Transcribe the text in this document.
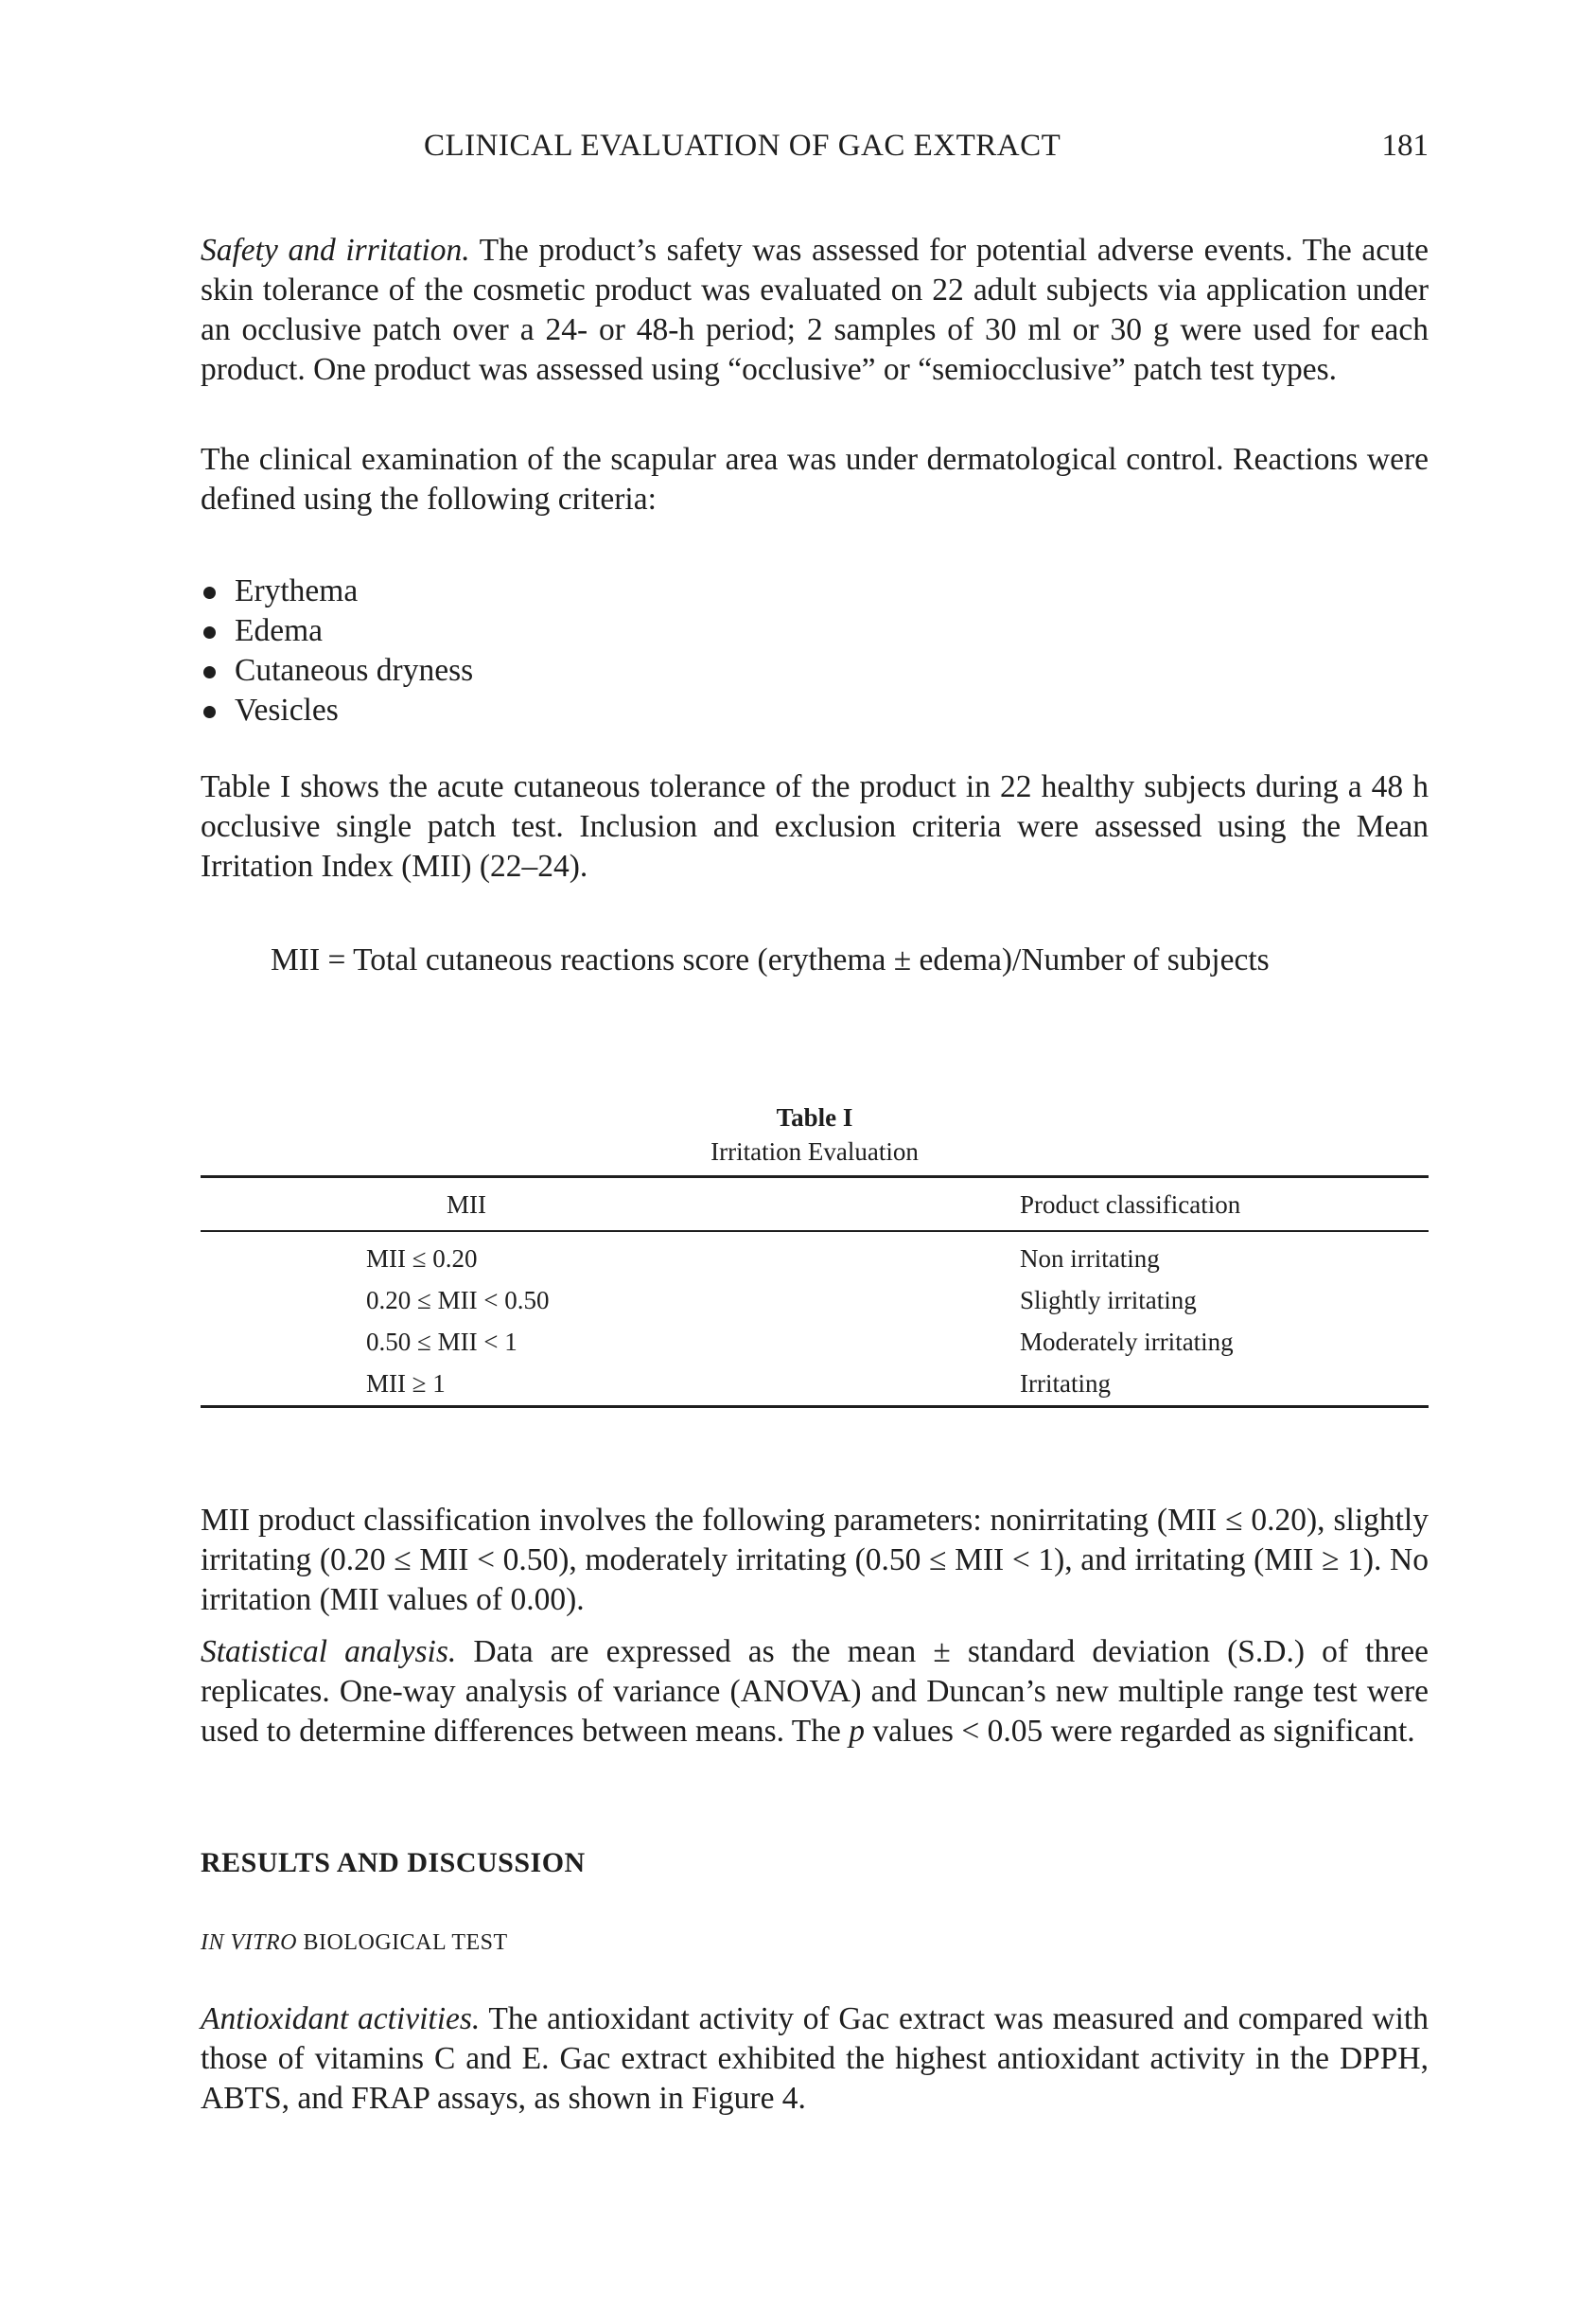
CLINICAL EVALUATION OF GAC EXTRACT	181

Safety and irritation. The product’s safety was assessed for potential adverse events. The acute skin tolerance of the cosmetic product was evaluated on 22 adult subjects via application under an occlusive patch over a 24- or 48-h period; 2 samples of 30 ml or 30 g were used for each product. One product was assessed using “occlusive” or “semiocclusive” patch test types.

The clinical examination of the scapular area was under dermatological control. Reactions were defined using the following criteria:

Erythema
Edema
Cutaneous dryness
Vesicles

Table I shows the acute cutaneous tolerance of the product in 22 healthy subjects during a 48 h occlusive single patch test. Inclusion and exclusion criteria were assessed using the Mean Irritation Index (MII) (22–24).

MII = Total cutaneous reactions score (erythema ± edema)/Number of subjects
Table I
Irritation Evaluation
MII	Product classification
MII ≤ 0.20	Non irritating
0.20 ≤ MII < 0.50	Slightly irritating
0.50 ≤ MII < 1	Moderately irritating
MII ≥ 1	Irritating

MII product classification involves the following parameters: nonirritating (MII ≤ 0.20), slightly irritating (0.20 ≤ MII < 0.50), moderately irritating (0.50 ≤ MII < 1), and irritating (MII ≥ 1). No irritation (MII values of 0.00).

Statistical analysis. Data are expressed as the mean ± standard deviation (S.D.) of three replicates. One-way analysis of variance (ANOVA) and Duncan’s new multiple range test were used to determine differences between means. The p values < 0.05 were regarded as significant.

RESULTS AND DISCUSSION
IN VITRO BIOLOGICAL TEST

Antioxidant activities. The antioxidant activity of Gac extract was measured and compared with those of vitamins C and E. Gac extract exhibited the highest antioxidant activity in the DPPH, ABTS, and FRAP assays, as shown in Figure 4.
